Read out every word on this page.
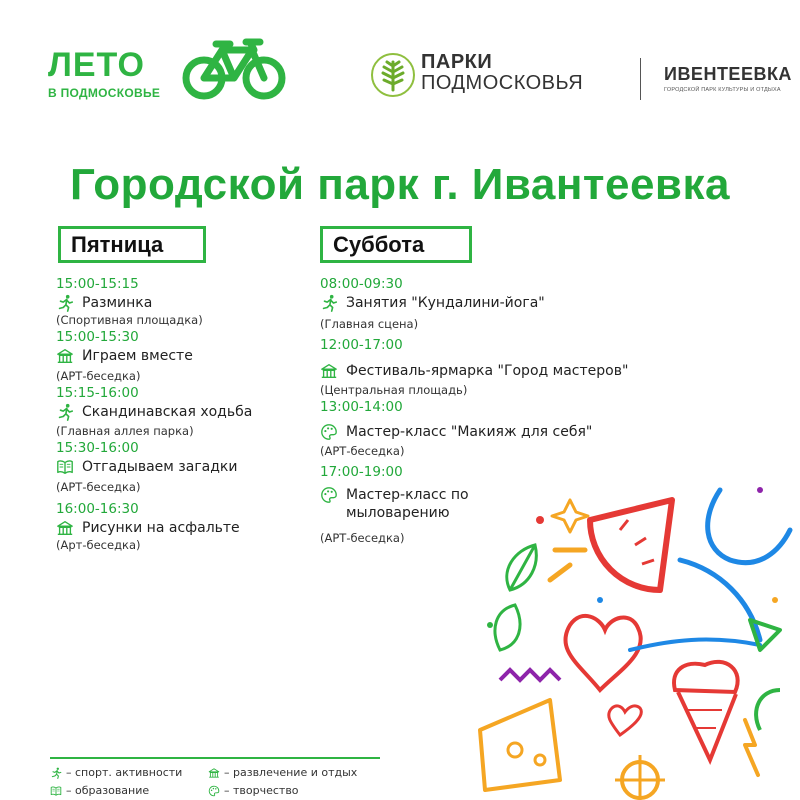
ЛЕТО
В ПОДМОСКОВЬЕ
ПАРКИ
ПОДМОСКОВЬЯ	ИВЕНТЕЕВКА
ГОРОДСКОЙ ПАРК КУЛЬТУРЫ И ОТДЫХА
Городской парк г. Ивантеевка
Пятница	Суббота
15:00-15:15
Разминка
(Спортивная площадка)
15:00-15:30
Играем вместе
(АРТ-беседка)
15:15-16:00
Скандинавская ходьба
(Главная аллея парка)
15:30-16:00
Отгадываем загадки
(АРТ-беседка)
16:00-16:30
Рисунки на асфальте
(Арт-беседка)
08:00-09:30
Занятия "Кундалини-йога"
(Главная сцена)
12:00-17:00
Фестиваль-ярмарка "Город мастеров"
(Центральная площадь)
13:00-14:00
Мастер-класс "Макияж для себя"
(АРТ-беседка)
17:00-19:00
Мастер-класс по мыловарению
(АРТ-беседка)
– спорт. активности	– развлечение и отдых
– образование	– творчество
